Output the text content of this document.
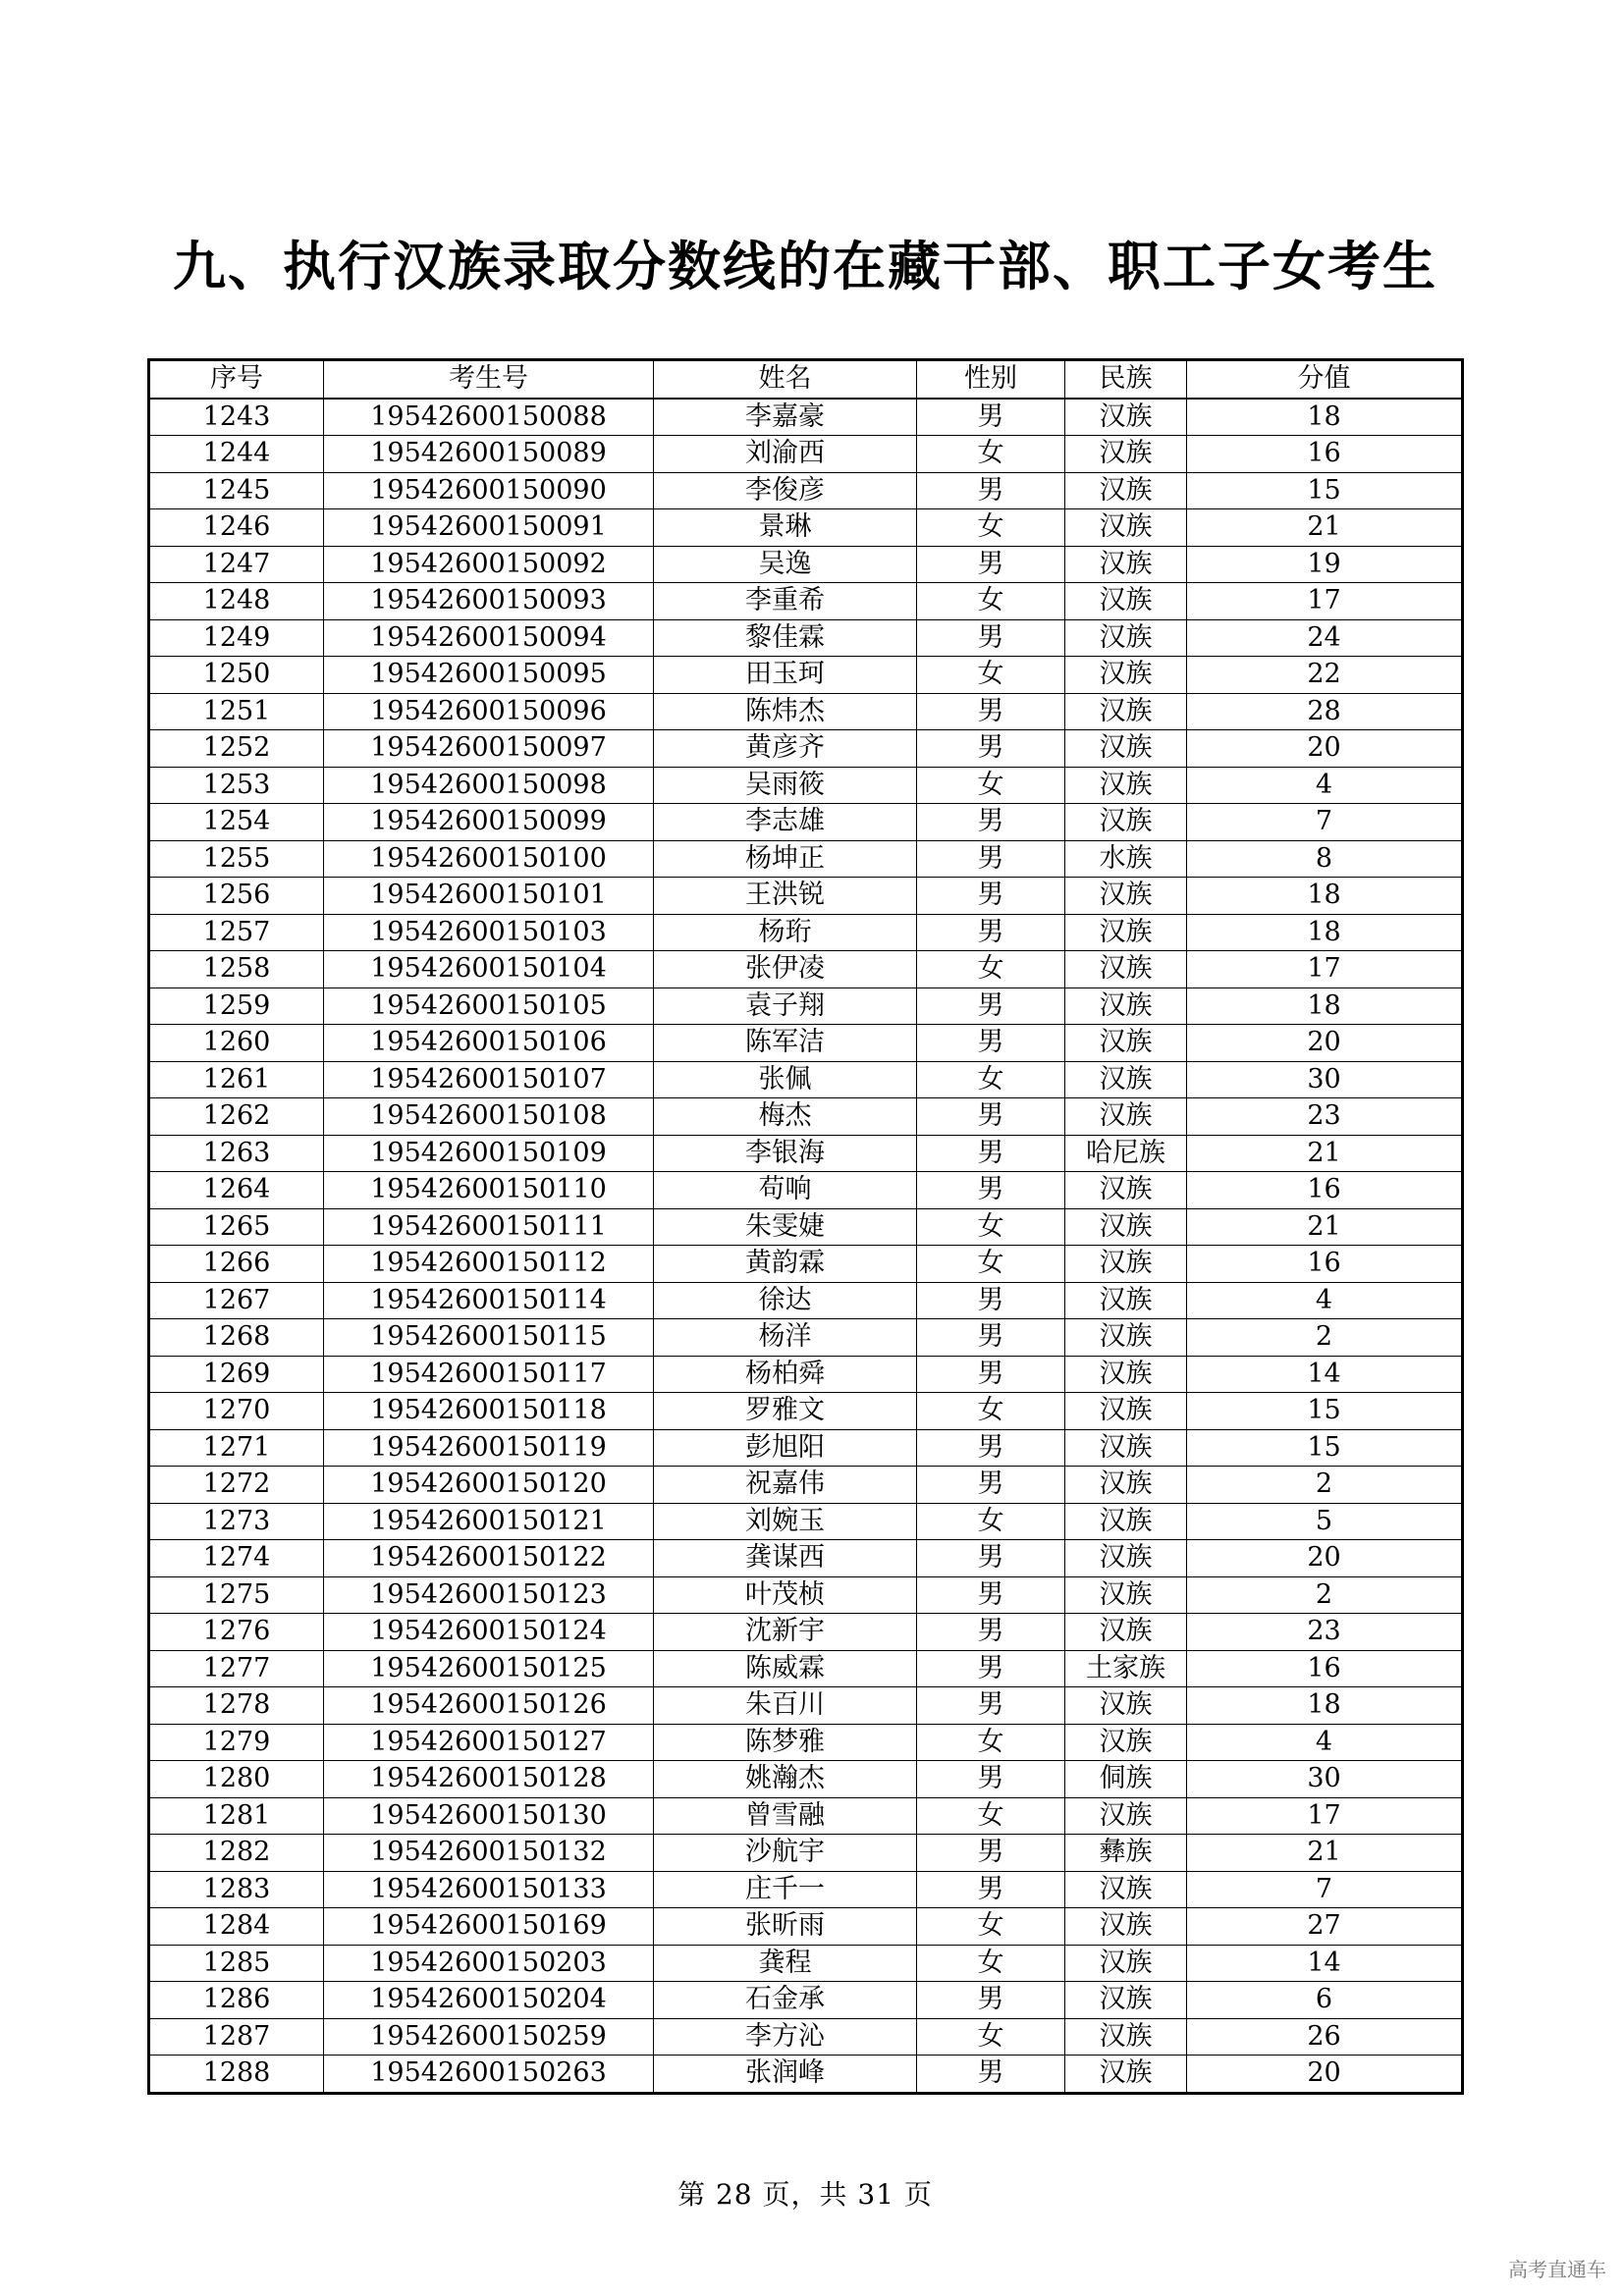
九、执行汉族录取分数线的在藏干部、职工子女考生
序号	考生号	姓名	性别	民族	分值
1243	19542600150088	李嘉豪	男	汉族	18
1244	19542600150089	刘渝西	女	汉族	16
1245	19542600150090	李俊彦	男	汉族	15
1246	19542600150091	景琳	女	汉族	21
1247	19542600150092	吴逸	男	汉族	19
1248	19542600150093	李重希	女	汉族	17
1249	19542600150094	黎佳霖	男	汉族	24
1250	19542600150095	田玉珂	女	汉族	22
1251	19542600150096	陈炜杰	男	汉族	28
1252	19542600150097	黄彦齐	男	汉族	20
1253	19542600150098	吴雨筱	女	汉族	4
1254	19542600150099	李志雄	男	汉族	7
1255	19542600150100	杨坤正	男	水族	8
1256	19542600150101	王洪锐	男	汉族	18
1257	19542600150103	杨珩	男	汉族	18
1258	19542600150104	张伊凌	女	汉族	17
1259	19542600150105	袁子翔	男	汉族	18
1260	19542600150106	陈军洁	男	汉族	20
1261	19542600150107	张佩	女	汉族	30
1262	19542600150108	梅杰	男	汉族	23
1263	19542600150109	李银海	男	哈尼族	21
1264	19542600150110	苟响	男	汉族	16
1265	19542600150111	朱雯婕	女	汉族	21
1266	19542600150112	黄韵霖	女	汉族	16
1267	19542600150114	徐达	男	汉族	4
1268	19542600150115	杨洋	男	汉族	2
1269	19542600150117	杨柏舜	男	汉族	14
1270	19542600150118	罗雅文	女	汉族	15
1271	19542600150119	彭旭阳	男	汉族	15
1272	19542600150120	祝嘉伟	男	汉族	2
1273	19542600150121	刘婉玉	女	汉族	5
1274	19542600150122	龚谋西	男	汉族	20
1275	19542600150123	叶茂桢	男	汉族	2
1276	19542600150124	沈新宇	男	汉族	23
1277	19542600150125	陈威霖	男	土家族	16
1278	19542600150126	朱百川	男	汉族	18
1279	19542600150127	陈梦雅	女	汉族	4
1280	19542600150128	姚瀚杰	男	侗族	30
1281	19542600150130	曾雪融	女	汉族	17
1282	19542600150132	沙航宇	男	彝族	21
1283	19542600150133	庄千一	男	汉族	7
1284	19542600150169	张昕雨	女	汉族	27
1285	19542600150203	龚程	女	汉族	14
1286	19542600150204	石金承	男	汉族	6
1287	19542600150259	李方沁	女	汉族	26
1288	19542600150263	张润峰	男	汉族	20
第 28 页，共 31 页
高考直通车
